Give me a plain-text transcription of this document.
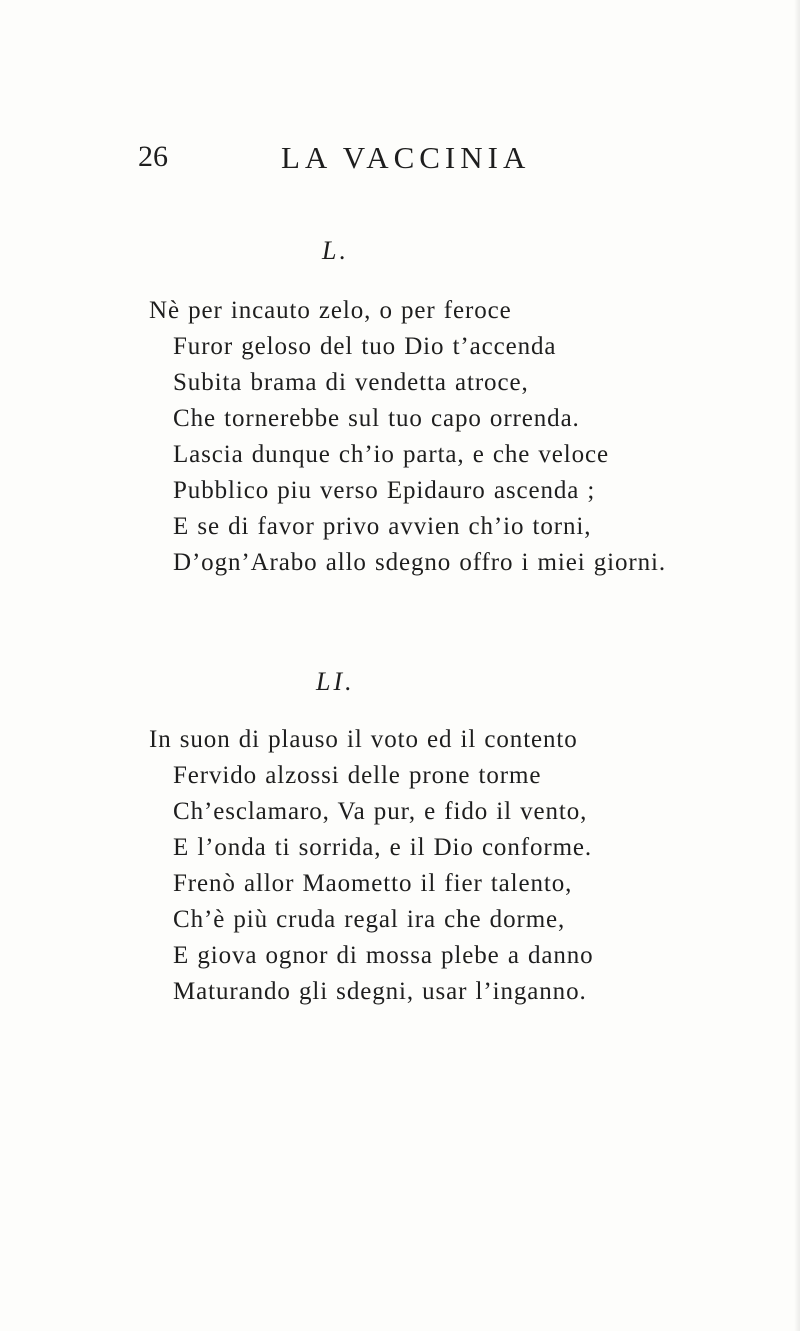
26	LA VACCINIA
L.
Nè per incauto zelo, o per feroce
Furor geloso del tuo Dio t’accenda
Subita brama di vendetta atroce,
Che tornerebbe sul tuo capo orrenda.
Lascia dunque ch’io parta, e che veloce
Pubblico piu verso Epidauro ascenda ;
E se di favor privo avvien ch’io torni,
D’ogn’Arabo allo sdegno offro i miei giorni.
LI.
In suon di plauso il voto ed il contento
Fervido alzossi delle prone torme
Ch’esclamaro, Va pur, e fido il vento,
E l’onda ti sorrida, e il Dio conforme.
Frenò allor Maometto il fier talento,
Ch’è più cruda regal ira che dorme,
E giova ognor di mossa plebe a danno
Maturando gli sdegni, usar l’inganno.
